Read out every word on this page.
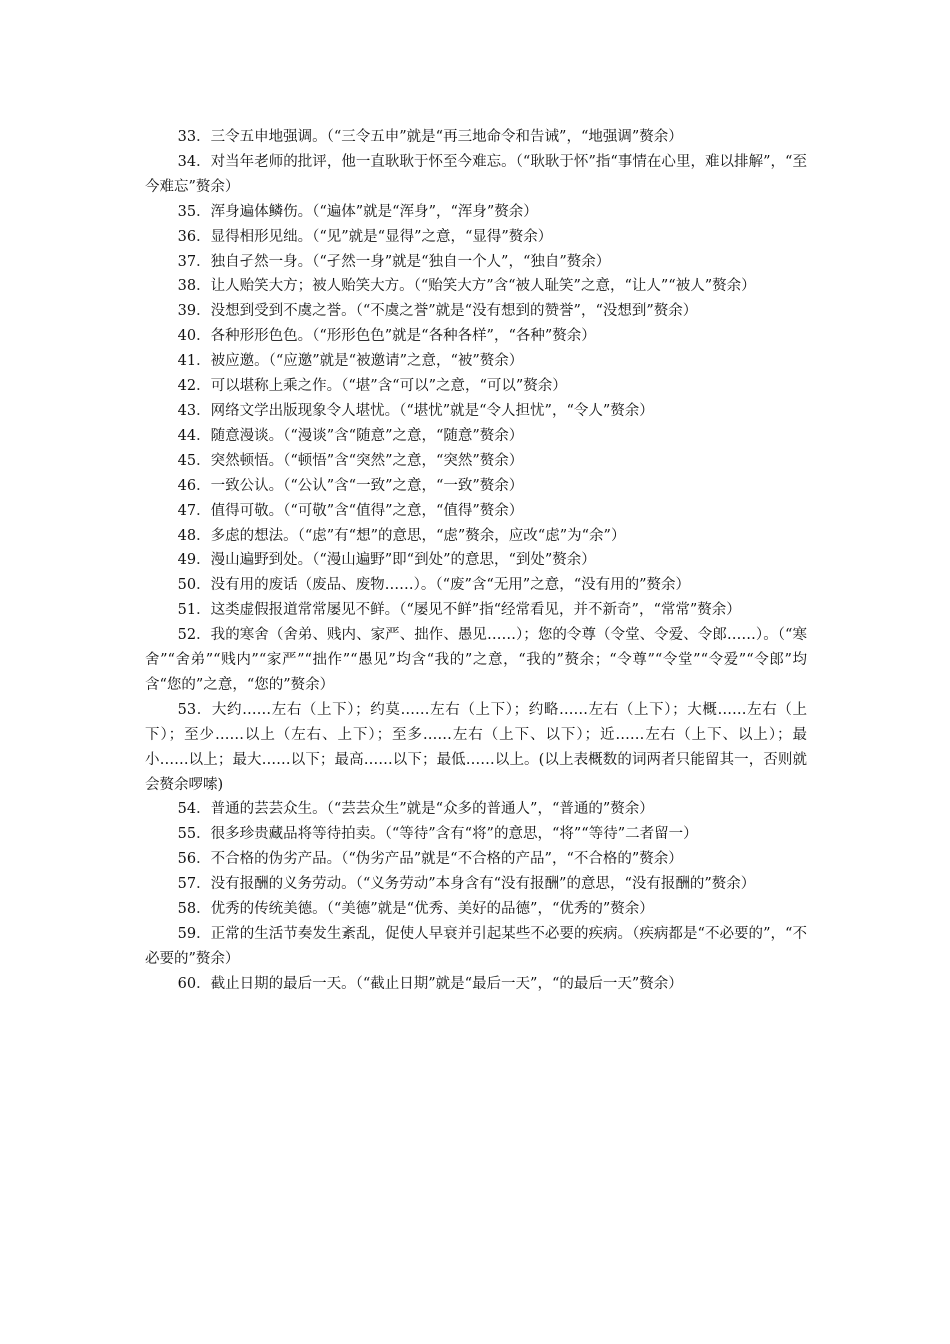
33．三令五申地强调。（“三令五申”就是“再三地命令和告诫”，“地强调”赘余）

34．对当年老师的批评，他一直耿耿于怀至今难忘。（“耿耿于怀”指“事情在心里，难以排解”，“至今难忘”赘余）

35．浑身遍体鳞伤。（“遍体”就是“浑身”，“浑身”赘余）

36．显得相形见绌。（“见”就是“显得”之意，“显得”赘余）

37．独自孑然一身。（“孑然一身”就是“独自一个人”，“独自”赘余）

38．让人贻笑大方；被人贻笑大方。（“贻笑大方”含“被人耻笑”之意，“让人”“被人”赘余）

39．没想到受到不虞之誉。（“不虞之誉”就是“没有想到的赞誉”，“没想到”赘余）

40．各种形形色色。（“形形色色”就是“各种各样”，“各种”赘余）

41．被应邀。（“应邀”就是“被邀请”之意，“被”赘余）

42．可以堪称上乘之作。（“堪”含“可以”之意，“可以”赘余）

43．网络文学出版现象令人堪忧。（“堪忧”就是“令人担忧”，“令人”赘余）

44．随意漫谈。（“漫谈”含“随意”之意，“随意”赘余）

45．突然顿悟。（“顿悟”含“突然”之意，“突然”赘余）

46．一致公认。（“公认”含“一致”之意，“一致”赘余）

47．值得可敬。（“可敬”含“值得”之意，“值得”赘余）

48．多虑的想法。（“虑”有“想”的意思，“虑”赘余，应改“虑”为“余”）

49．漫山遍野到处。（“漫山遍野”即“到处”的意思，“到处”赘余）

50．没有用的废话（废品、废物……）。（“废”含“无用”之意，“没有用的”赘余）

51．这类虚假报道常常屡见不鲜。（“屡见不鲜”指“经常看见，并不新奇”，“常常”赘余）

52．我的寒舍（舍弟、贱内、家严、拙作、愚见……）；您的令尊（令堂、令爱、令郎……）。（“寒舍”“舍弟”“贱内”“家严”“拙作”“愚见”均含“我的”之意，“我的”赘余；“令尊”“令堂”“令爱”“令郎”均含“您的”之意，“您的”赘余）

53．大约……左右（上下）；约莫……左右（上下）；约略……左右（上下）；大概……左右（上下）；至少……以上（左右、上下）；至多……左右（上下、以下）；近……左右（上下、以上）；最小……以上；最大……以下；最高……以下；最低……以上。(以上表概数的词两者只能留其一，否则就会赘余啰嗦)

54．普通的芸芸众生。（“芸芸众生”就是“众多的普通人”，“普通的”赘余）

55．很多珍贵藏品将等待拍卖。（“等待”含有“将”的意思，“将”“等待”二者留一）

56．不合格的伪劣产品。（“伪劣产品”就是“不合格的产品”，“不合格的”赘余）

57．没有报酬的义务劳动。（“义务劳动”本身含有“没有报酬”的意思，“没有报酬的”赘余）

58．优秀的传统美德。（“美德”就是“优秀、美好的品德”，“优秀的”赘余）

59．正常的生活节奏发生紊乱，促使人早衰并引起某些不必要的疾病。（疾病都是“不必要的”，“不必要的”赘余）

60．截止日期的最后一天。（“截止日期”就是“最后一天”，“的最后一天”赘余）
